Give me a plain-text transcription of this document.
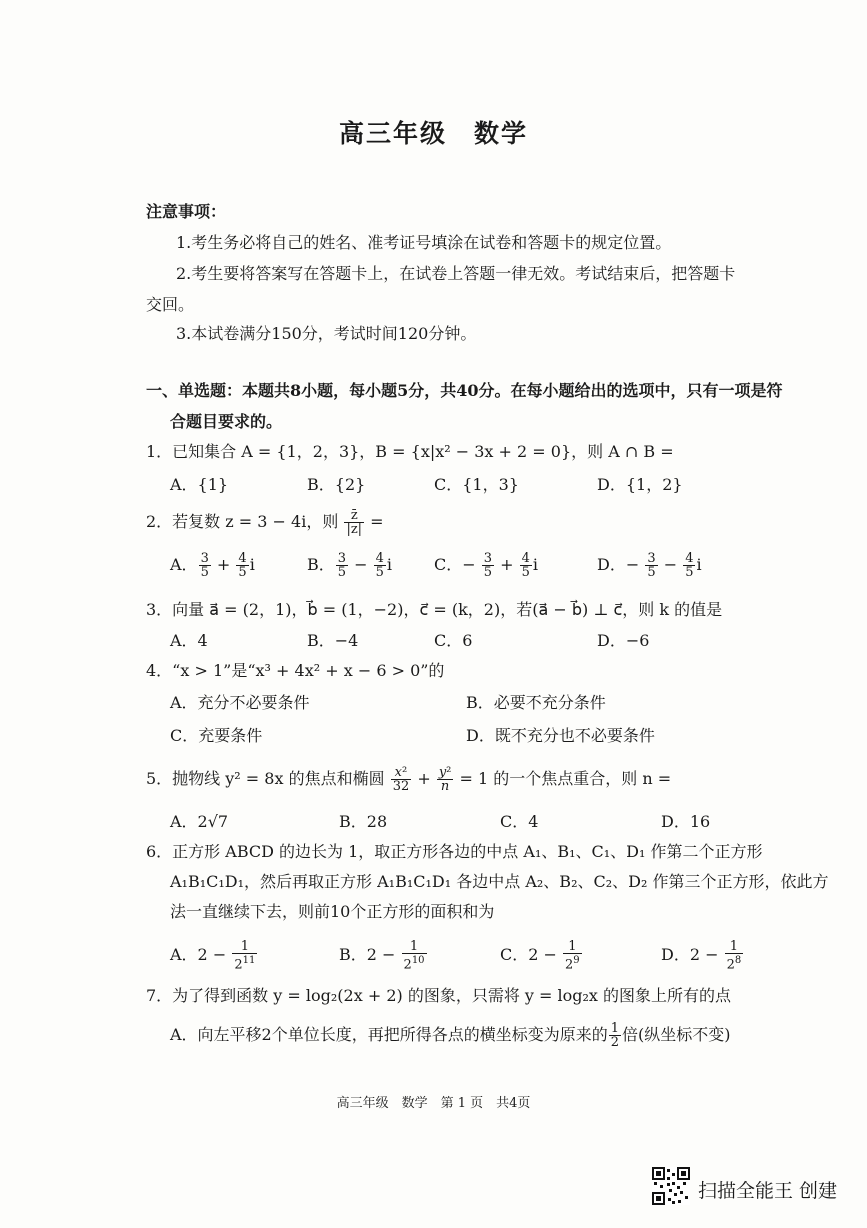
高三年级　数学
注意事项：
1.考生务必将自己的姓名、准考证号填涂在试卷和答题卡的规定位置。
2.考生要将答案写在答题卡上，在试卷上答题一律无效。考试结束后，把答题卡
交回。
3.本试卷满分150分，考试时间120分钟。
一、单选题：本题共8小题，每小题5分，共40分。在每小题给出的选项中，只有一项是符
合题目要求的。
1．已知集合 A = {1，2，3}，B = {x|x² − 3x + 2 = 0}，则 A ∩ B =
A．{1}	B．{2}	C．{1，3}	D．{1，2}
2．若复数 z = 3 − 4i，则 $\frac{z̄}{|z|}$ =
A． $\frac{3}{5} + \frac{4}{5}$ i	B． $\frac{3}{5} - \frac{4}{5}$ i	C．− $\frac{3}{5} + \frac{4}{5}$ i	D．− $\frac{3}{5} - \frac{4}{5}$ i
3．向量 a⃗ = (2，1)，b⃗ = (1，−2)，c⃗ = (k，2)，若(a⃗ − b⃗) ⊥ c⃗，则 k 的值是
A．4	B．−4	C．6	D．−6
4．“x > 1”是“x³ + 4x² + x − 6 > 0”的
A．充分不必要条件	B．必要不充分条件
C．充要条件	D．既不充分也不必要条件
5．抛物线 y² = 8x 的焦点和椭圆 $\frac{\text{x²}}{32} + \frac{\text{y²}}{n} = 1$ 的一个焦点重合，则 n =
A．2√7	B．28	C．4	D．16
6．正方形 ABCD 的边长为 1，取正方形各边的中点 A₁、B₁、C₁、D₁ 作第二个正方形
A₁B₁C₁D₁，然后再取正方形 A₁B₁C₁D₁ 各边中点 A₂、B₂、C₂、D₂ 作第三个正方形，依此方
法一直继续下去，则前10个正方形的面积和为
A．$2 - \frac{1}{2^{11}}$	B．$2 - \frac{1}{2^{10}}$	C．$2 - \frac{1}{2^9}$	D．$2 - \frac{1}{2^8}$
7．为了得到函数 y = log₂(2x + 2) 的图象，只需将 y = log₂x 的图象上所有的点
A．向左平移2个单位长度，再把所得各点的横坐标变为原来的 $\frac{1}{2}$ 倍(纵坐标不变)
高三年级　数学　第 1 页　共4页
扫描全能王 创建
